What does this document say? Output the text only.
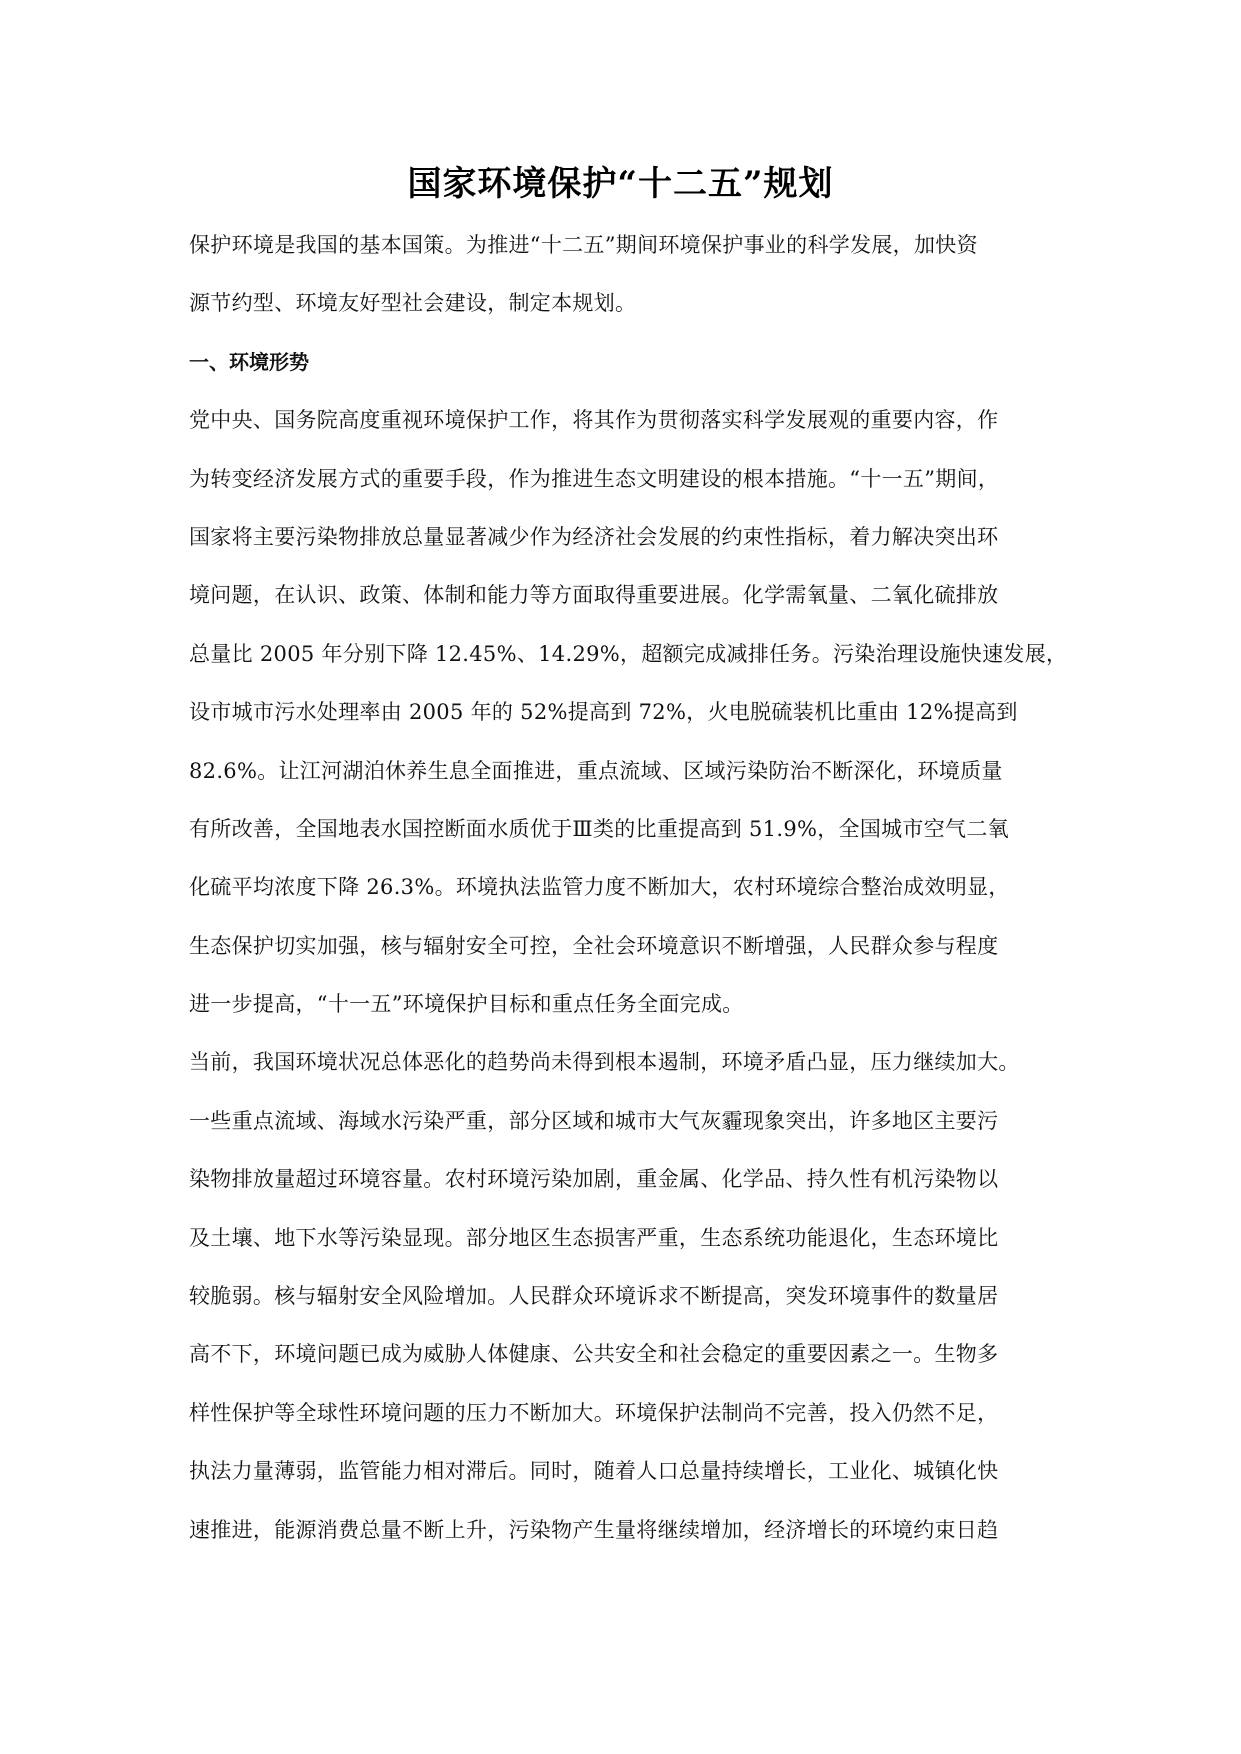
国家环境保护“十二五”规划
保护环境是我国的基本国策。为推进“十二五”期间环境保护事业的科学发展，加快资
源节约型、环境友好型社会建设，制定本规划。
一、环境形势
党中央、国务院高度重视环境保护工作，将其作为贯彻落实科学发展观的重要内容，作
为转变经济发展方式的重要手段，作为推进生态文明建设的根本措施。“十一五”期间，
国家将主要污染物排放总量显著减少作为经济社会发展的约束性指标，着力解决突出环
境问题，在认识、政策、体制和能力等方面取得重要进展。化学需氧量、二氧化硫排放
总量比 2005 年分别下降 12.45%、14.29%，超额完成减排任务。污染治理设施快速发展，
设市城市污水处理率由 2005 年的 52%提高到 72%，火电脱硫装机比重由 12%提高到
82.6%。让江河湖泊休养生息全面推进，重点流域、区域污染防治不断深化，环境质量
有所改善，全国地表水国控断面水质优于Ⅲ类的比重提高到 51.9%，全国城市空气二氧
化硫平均浓度下降 26.3%。环境执法监管力度不断加大，农村环境综合整治成效明显，
生态保护切实加强，核与辐射安全可控，全社会环境意识不断增强，人民群众参与程度
进一步提高，“十一五”环境保护目标和重点任务全面完成。
当前，我国环境状况总体恶化的趋势尚未得到根本遏制，环境矛盾凸显，压力继续加大。
一些重点流域、海域水污染严重，部分区域和城市大气灰霾现象突出，许多地区主要污
染物排放量超过环境容量。农村环境污染加剧，重金属、化学品、持久性有机污染物以
及土壤、地下水等污染显现。部分地区生态损害严重，生态系统功能退化，生态环境比
较脆弱。核与辐射安全风险增加。人民群众环境诉求不断提高，突发环境事件的数量居
高不下，环境问题已成为威胁人体健康、公共安全和社会稳定的重要因素之一。生物多
样性保护等全球性环境问题的压力不断加大。环境保护法制尚不完善，投入仍然不足，
执法力量薄弱，监管能力相对滞后。同时，随着人口总量持续增长，工业化、城镇化快
速推进，能源消费总量不断上升，污染物产生量将继续增加，经济增长的环境约束日趋
